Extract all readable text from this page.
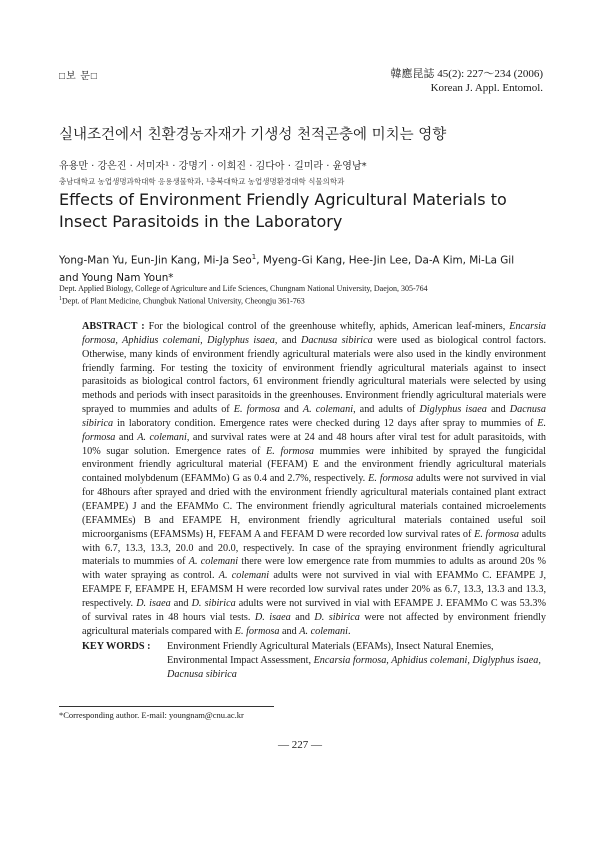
□보 문□	韓應昆誌 45(2): 227～234 (2006)
Korean J. Appl. Entomol.
실내조건에서 친환경농자재가 기생성 천적곤충에 미치는 영향
유용만 · 강은진 · 서미자¹ · 강명기 · 이희진 · 김다아 · 길미라 · 윤영남*
충남대학교 농업생명과학대학 응용생물학과, ¹충북대학교 농업생명환경대학 식물의학과
Effects of Environment Friendly Agricultural Materials to Insect Parasitoids in the Laboratory
Yong-Man Yu, Eun-Jin Kang, Mi-Ja Seo$^1$, Myeng-Gi Kang, Hee-Jin Lee, Da-A Kim, Mi-La Gil
and Young Nam Youn*
Dept. Applied Biology, College of Agriculture and Life Sciences, Chungnam National University, Daejon, 305-764
$^1$Dept. of Plant Medicine, Chungbuk National University, Cheongju 361-763
ABSTRACT : For the biological control of the greenhouse whitefly, aphids, American leaf-miners, Encarsia formosa, Aphidius colemani, Diglyphus isaea, and Dacnusa sibirica were used as biological control factors. Otherwise, many kinds of environment friendly agricultural materials were also used in the kindly environment friendly farming. For testing the toxicity of environment friendly agricultural materials against to insect parasitoids as biological control factors, 61 environment friendly agricultural materials were selected by using methods and periods with insect parasitoids in the greenhouses. Environment friendly agricultural materials were sprayed to mummies and adults of E. formosa and A. colemani, and adults of Diglyphus isaea and Dacnusa sibirica in laboratory condition. Emergence rates were checked during 12 days after spray to mummies of E. formosa and A. colemani, and survival rates were at 24 and 48 hours after viral test for adult parasitoids, with 10% sugar solution. Emergence rates of E. formosa mummies were inhibited by sprayed the fungicidal environment friendly agricultural material (FEFAM) E and the environment friendly agricultural materials contained molybdenum (EFAMMo) G as 0.4 and 2.7%, respectively. E. formosa adults were not survived in vial for 48hours after sprayed and dried with the environment friendly agricultural materials contained plant extract (EFAMPE) J and the EFAMMo C. The environment friendly agricultural materials contained microelements (EFAMMEs) B and EFAMPE H, environment friendly agricultural materials contained useful soil microorganisms (EFAMSMs) H, FEFAM A and FEFAM D were recorded low survival rates of E. formosa adults with 6.7, 13.3, 13.3, 20.0 and 20.0, respectively. In case of the spraying environment friendly agricultural materials to mummies of A. colemani there were low emergence rate from mummies to adults as around 20s % with water spraying as control. A. colemani adults were not survived in vial with EFAMMo C. EFAMPE J, EFAMPE F, EFAMPE H, EFAMSM H were recorded low survival rates under 20% as 6.7, 13.3, 13.3 and 13.3, respectively. D. isaea and D. sibirica adults were not survived in vial with EFAMPE J. EFAMMo C was 53.3% of survival rates in 48 hours vial tests. D. isaea and D. sibirica were not affected by environment friendly agricultural materials compared with E. formosa and A. colemani.
KEY WORDS : Environment Friendly Agricultural Materials (EFAMs), Insect Natural Enemies, Environmental Impact Assessment, Encarsia formosa, Aphidius colemani, Diglyphus isaea, Dacnusa sibirica
*Corresponding author. E-mail: youngnam@cnu.ac.kr
— 227 —
